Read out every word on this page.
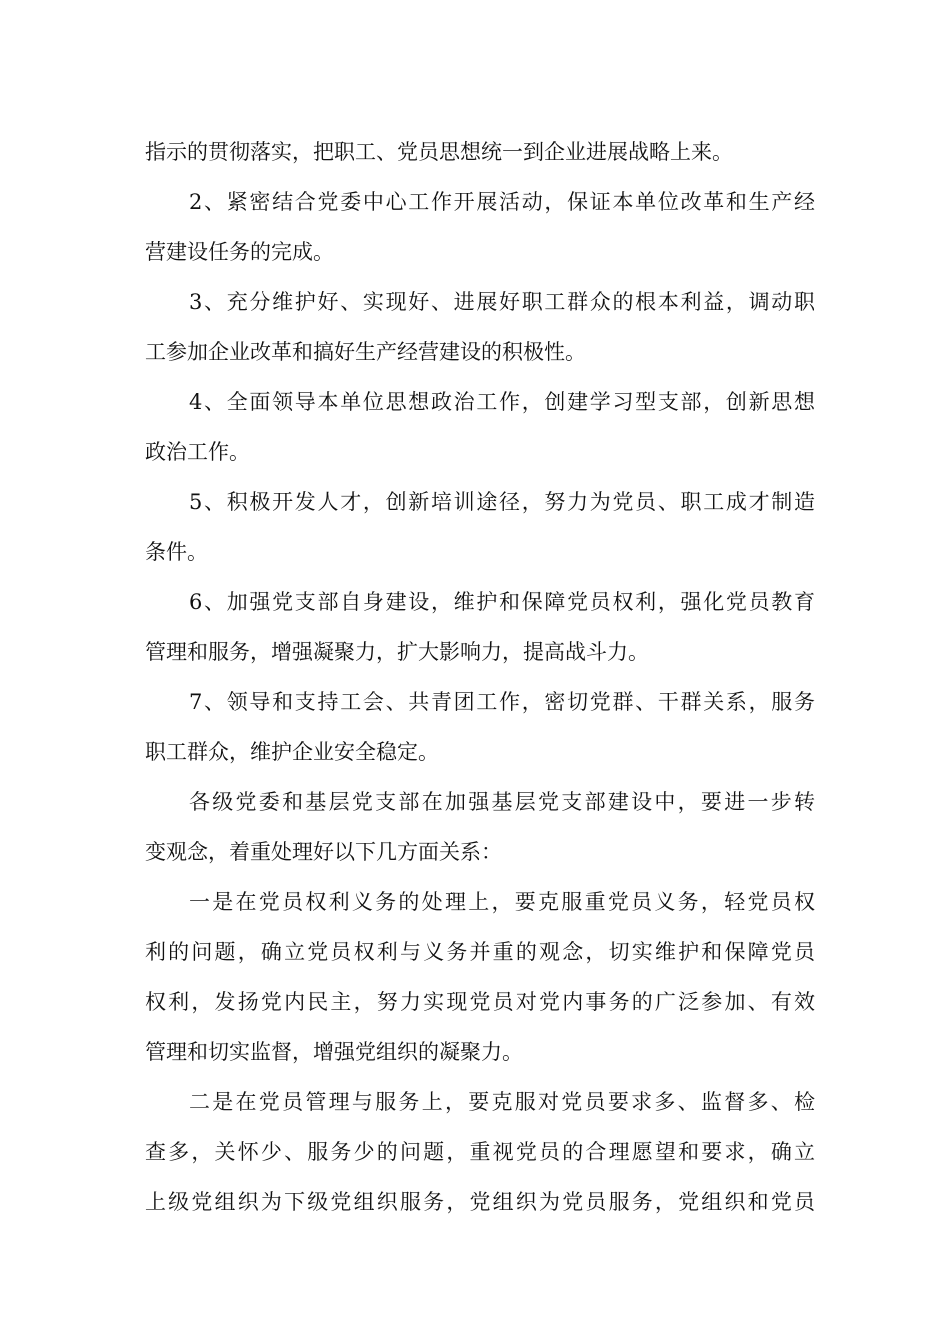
指示的贯彻落实，把职工、党员思想统一到企业进展战略上来。
2、紧密结合党委中心工作开展活动，保证本单位改革和生产经
营建设任务的完成。
3、充分维护好、实现好、进展好职工群众的根本利益，调动职
工参加企业改革和搞好生产经营建设的积极性。
4、全面领导本单位思想政治工作，创建学习型支部，创新思想
政治工作。
5、积极开发人才，创新培训途径，努力为党员、职工成才制造
条件。
6、加强党支部自身建设，维护和保障党员权利，强化党员教育
管理和服务，增强凝聚力，扩大影响力，提高战斗力。
7、领导和支持工会、共青团工作，密切党群、干群关系，服务
职工群众，维护企业安全稳定。
各级党委和基层党支部在加强基层党支部建设中，要进一步转
变观念，着重处理好以下几方面关系：
一是在党员权利义务的处理上，要克服重党员义务，轻党员权
利的问题，确立党员权利与义务并重的观念，切实维护和保障党员
权利，发扬党内民主，努力实现党员对党内事务的广泛参加、有效
管理和切实监督，增强党组织的凝聚力。
二是在党员管理与服务上，要克服对党员要求多、监督多、检
查多，关怀少、服务少的问题，重视党员的合理愿望和要求，确立
上级党组织为下级党组织服务，党组织为党员服务，党组织和党员
